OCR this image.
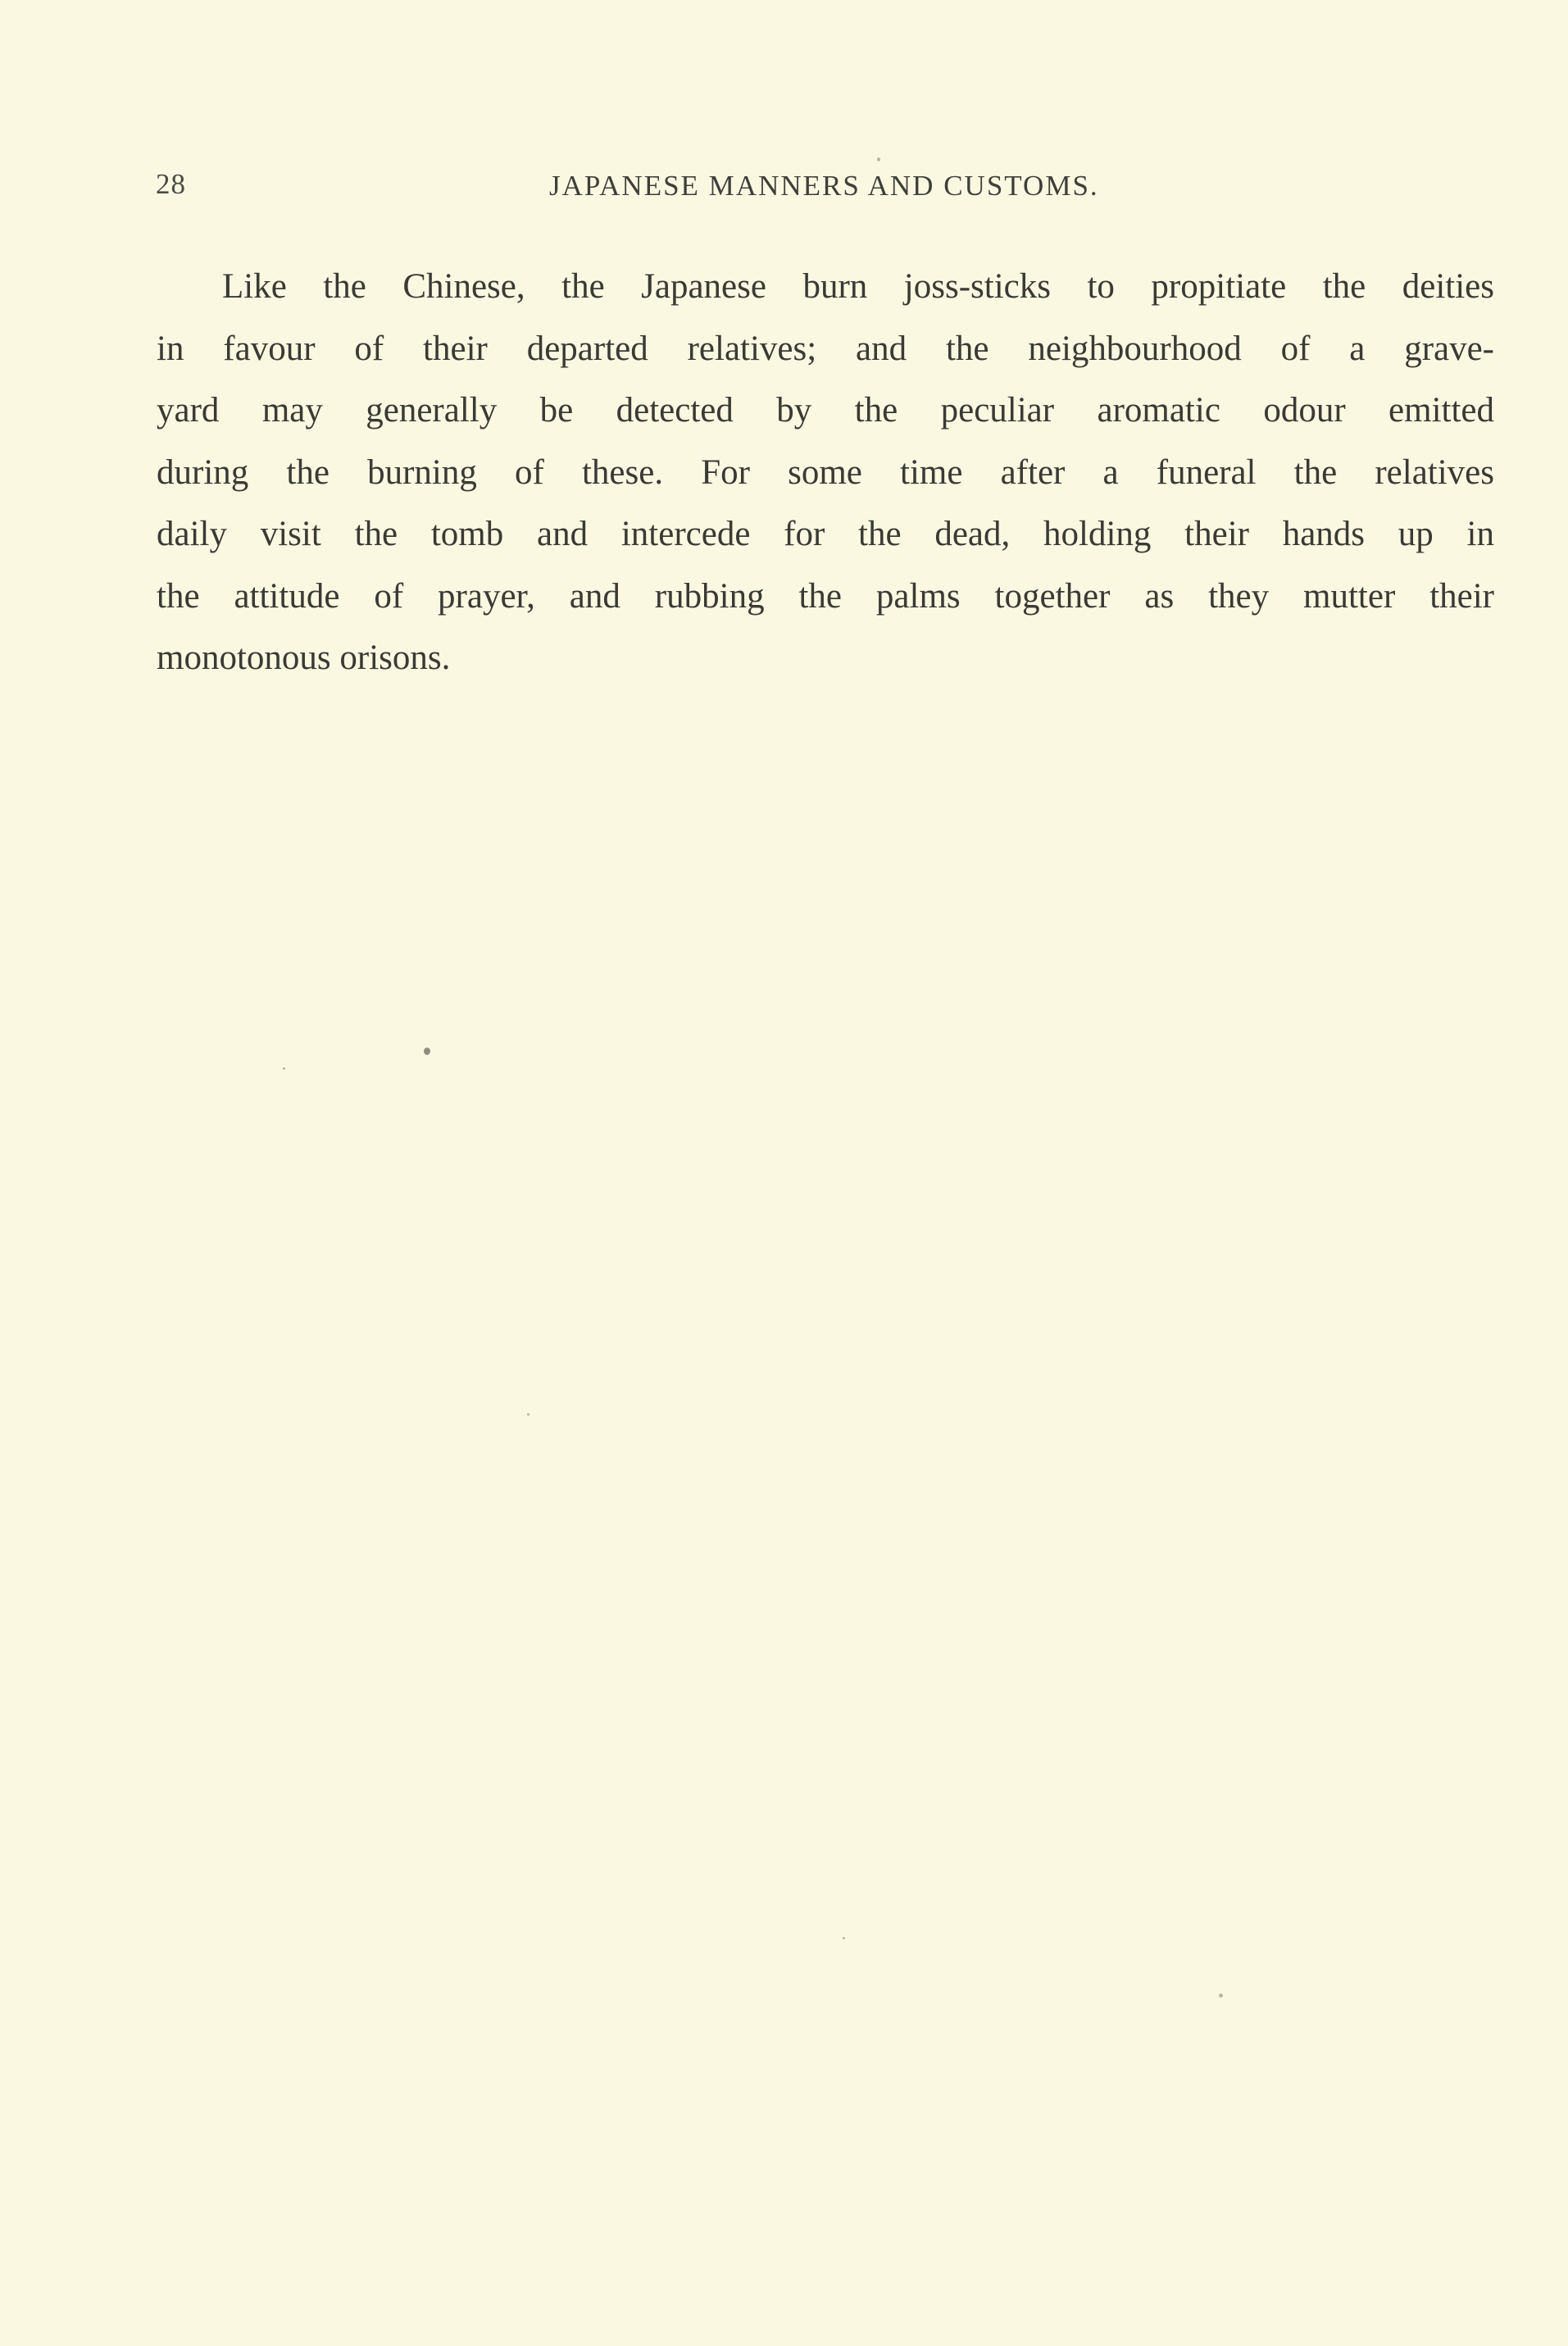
28	JAPANESE MANNERS AND CUSTOMS.

Like the Chinese, the Japanese burn joss-sticks to propitiate the deities
in favour of their departed relatives; and the neighbourhood of a grave-
yard may generally be detected by the peculiar aromatic odour emitted
during the burning of these. For some time after a funeral the relatives
daily visit the tomb and intercede for the dead, holding their hands up in
the attitude of prayer, and rubbing the palms together as they mutter their
monotonous orisons.
